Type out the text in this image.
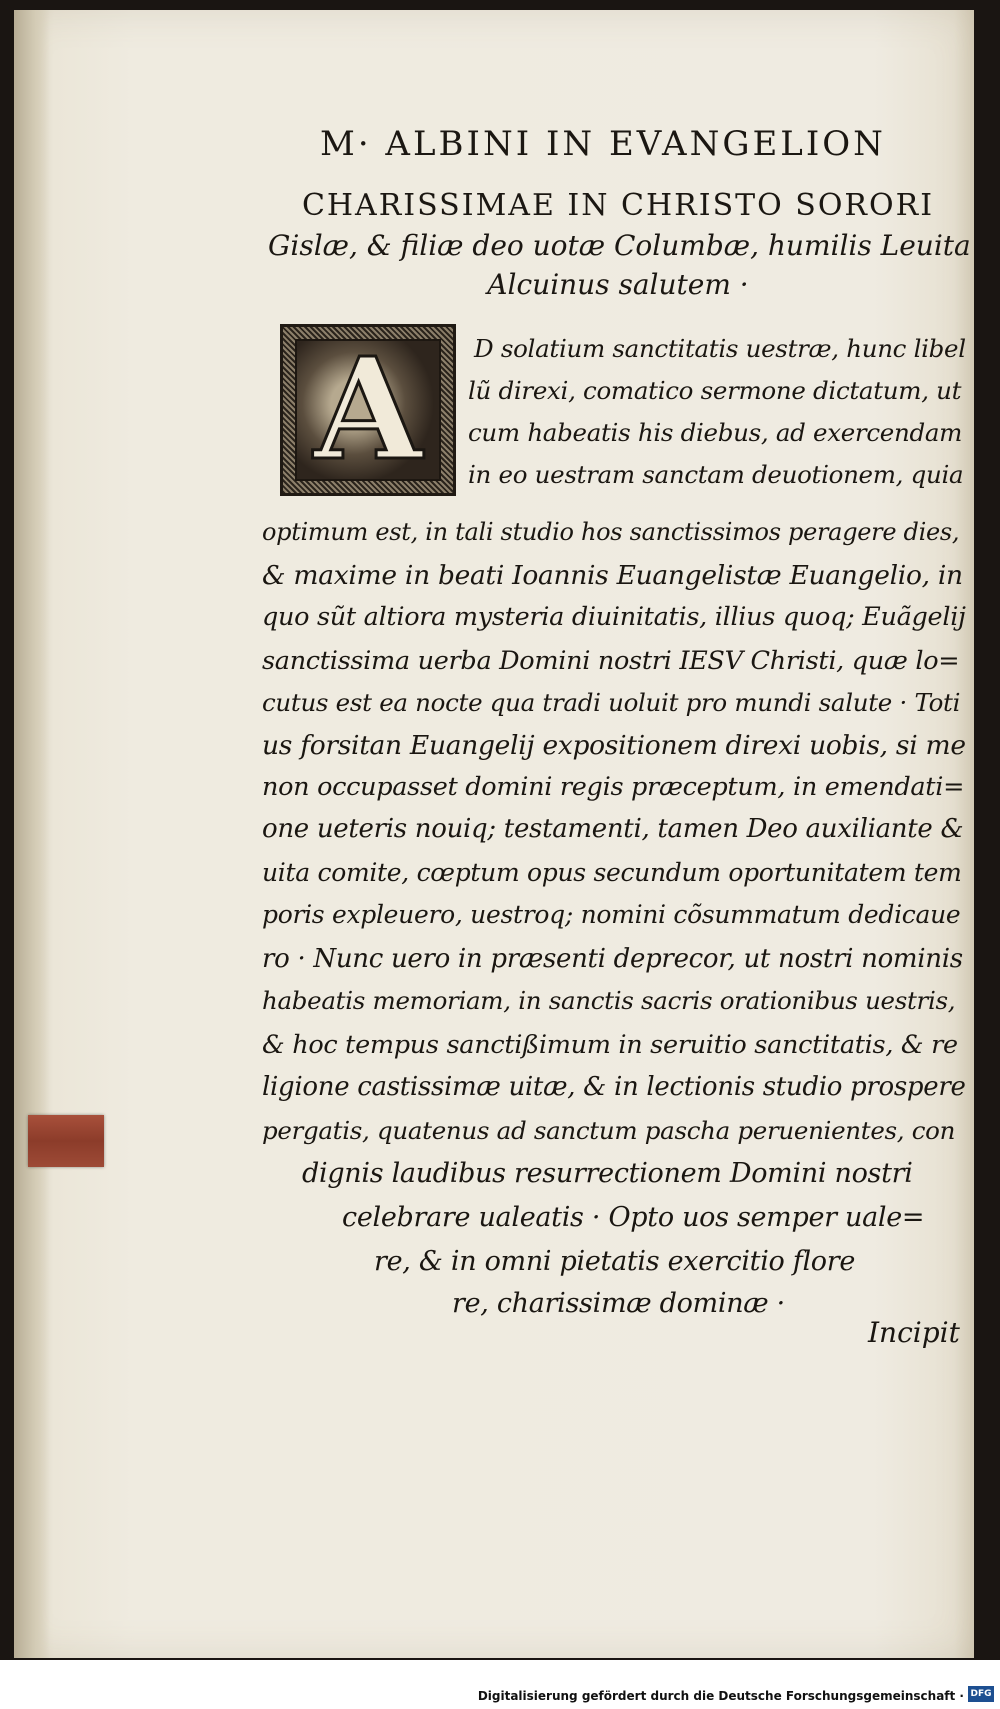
M· ALBINI IN EVANGELION
CHARISSIMAE IN CHRISTO SORORI
Gislæ, & filiæ deo uotæ Columbæ, humilis Leuita
Alcuinus salutem ·
A	D solatium sanctitatis uestræ, hunc libel
lũ direxi, comatico sermone dictatum, ut
cum habeatis his diebus, ad exercendam
in eo uestram sanctam deuotionem, quia
optimum est, in tali studio hos sanctissimos peragere dies,
& maxime in beati Ioannis Euangelistæ Euangelio, in
quo sũt altiora mysteria diuinitatis, illius quoq; Euãgelij
sanctissima uerba Domini nostri IESV Christi, quæ lo=
cutus est ea nocte qua tradi uoluit pro mundi salute · Toti
us forsitan Euangelij expositionem direxi uobis, si me
non occupasset domini regis præceptum, in emendati=
one ueteris nouiq; testamenti, tamen Deo auxiliante &
uita comite, cœptum opus secundum oportunitatem tem
poris expleuero, uestroq; nomini cõsummatum dedicaue
ro · Nunc uero in præsenti deprecor, ut nostri nominis
habeatis memoriam, in sanctis sacris orationibus uestris,
& hoc tempus sanctißimum in seruitio sanctitatis, & re
ligione castissimæ uitæ, & in lectionis studio prospere
pergatis, quatenus ad sanctum pascha peruenientes, con
dignis laudibus resurrectionem Domini nostri
celebrare ualeatis · Opto uos semper uale=
re, & in omni pietatis exercitio flore
re, charissimæ dominæ ·
Incipit
Digitalisierung gefördert durch die Deutsche Forschungsgemeinschaft · DFG
